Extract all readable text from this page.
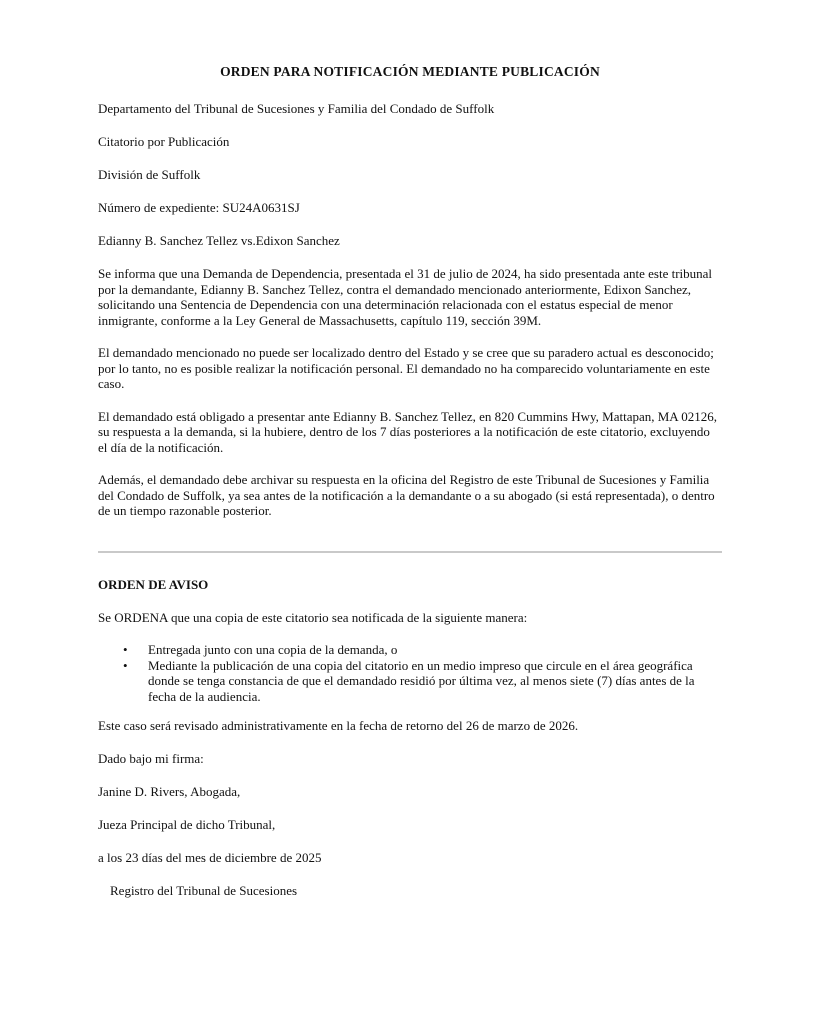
ORDEN PARA NOTIFICACIÓN MEDIANTE PUBLICACIÓN

Departamento del Tribunal de Sucesiones y Familia del Condado de Suffolk

Citatorio por Publicación

División de Suffolk

Número de expediente: SU24A0631SJ

Edianny B. Sanchez Tellez vs.Edixon Sanchez

Se informa que una Demanda de Dependencia, presentada el 31 de julio de 2024, ha sido presentada ante este tribunal por la demandante, Edianny B. Sanchez Tellez, contra el demandado mencionado anteriormente, Edixon Sanchez, solicitando una Sentencia de Dependencia con una determinación relacionada con el estatus especial de menor inmigrante, conforme a la Ley General de Massachusetts, capítulo 119, sección 39M.

El demandado mencionado no puede ser localizado dentro del Estado y se cree que su paradero actual es desconocido; por lo tanto, no es posible realizar la notificación personal. El demandado no ha comparecido voluntariamente en este caso.

El demandado está obligado a presentar ante Edianny B. Sanchez Tellez, en 820 Cummins Hwy, Mattapan, MA 02126, su respuesta a la demanda, si la hubiere, dentro de los 7 días posteriores a la notificación de este citatorio, excluyendo el día de la notificación.

Además, el demandado debe archivar su respuesta en la oficina del Registro de este Tribunal de Sucesiones y Familia del Condado de Suffolk, ya sea antes de la notificación a la demandante o a su abogado (si está representada), o dentro de un tiempo razonable posterior.

ORDEN DE AVISO

Se ORDENA que una copia de este citatorio sea notificada de la siguiente manera:

• Entregada junto con una copia de la demanda, o
• Mediante la publicación de una copia del citatorio en un medio impreso que circule en el área geográfica donde se tenga constancia de que el demandado residió por última vez, al menos siete (7) días antes de la fecha de la audiencia.

Este caso será revisado administrativamente en la fecha de retorno del 26 de marzo de 2026.

Dado bajo mi firma:

Janine D. Rivers, Abogada,

Jueza Principal de dicho Tribunal,

a los 23 días del mes de diciembre de 2025

Registro del Tribunal de Sucesiones
